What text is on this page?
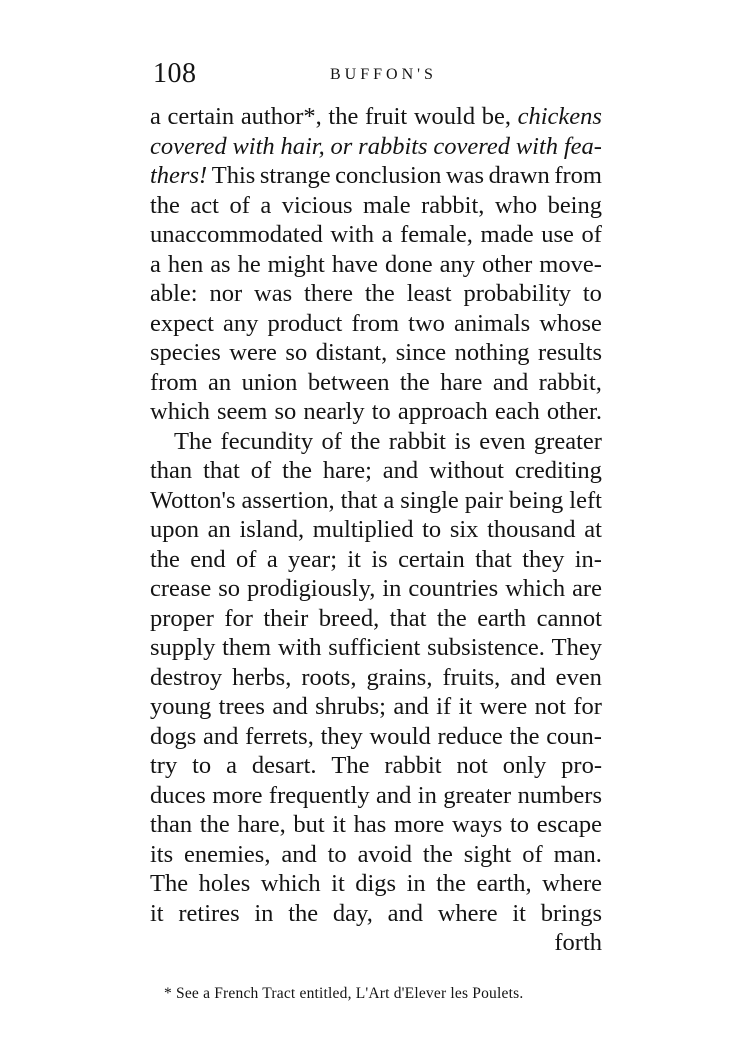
108	BUFFON'S
a certain author*, the fruit would be, chickens
covered with hair, or rabbits covered with fea-
thers! This strange conclusion was drawn from
the act of a vicious male rabbit, who being
unaccommodated with a female, made use of
a hen as he might have done any other move-
able: nor was there the least probability to
expect any product from two animals whose
species were so distant, since nothing results
from an union between the hare and rabbit,
which seem so nearly to approach each other.
The fecundity of the rabbit is even greater
than that of the hare; and without crediting
Wotton's assertion, that a single pair being left
upon an island, multiplied to six thousand at
the end of a year; it is certain that they in-
crease so prodigiously, in countries which are
proper for their breed, that the earth cannot
supply them with sufficient subsistence. They
destroy herbs, roots, grains, fruits, and even
young trees and shrubs; and if it were not for
dogs and ferrets, they would reduce the coun-
try to a desart. The rabbit not only pro-
duces more frequently and in greater numbers
than the hare, but it has more ways to escape
its enemies, and to avoid the sight of man.
The holes which it digs in the earth, where
it retires in the day, and where it brings
forth
* See a French Tract entitled, L'Art d'Elever les Poulets.
